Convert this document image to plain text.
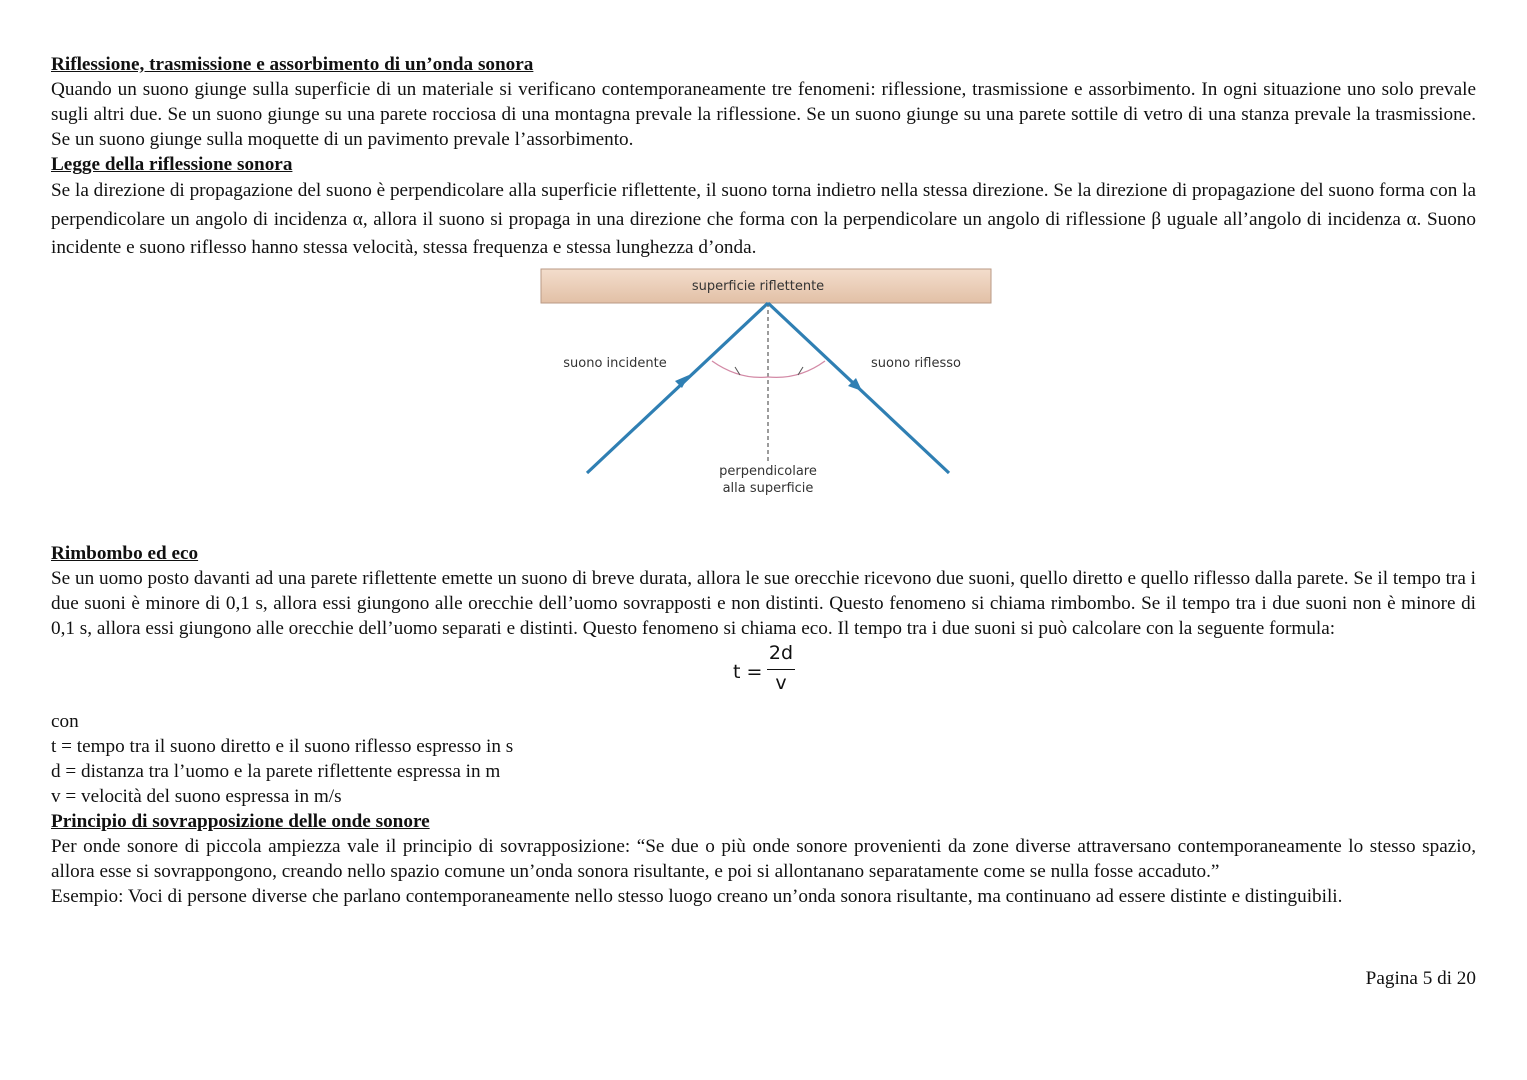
Riflessione, trasmissione e assorbimento di un’onda sonora

Quando un suono giunge sulla superficie di un materiale si verificano contemporaneamente tre fenomeni: riflessione, trasmissione e assorbimento. In ogni situazione uno solo prevale sugli altri due. Se un suono giunge su una parete rocciosa di una montagna prevale la riflessione. Se un suono giunge su una parete sottile di vetro di una stanza prevale la trasmissione. Se un suono giunge sulla moquette di un pavimento prevale l’assorbimento.

Legge della riflessione sonora

Se la direzione di propagazione del suono è perpendicolare alla superficie riflettente, il suono torna indietro nella stessa direzione. Se la direzione di propagazione del suono forma con la perpendicolare un angolo di incidenza α, allora il suono si propaga in una direzione che forma con la perpendicolare un angolo di riflessione β uguale all’angolo di incidenza α. Suono incidente e suono riflesso hanno stessa velocità, stessa frequenza e stessa lunghezza d’onda.

superficie riflettente
suono incidente	suono riflesso
perpendicolare
alla superficie
Rimbombo ed eco

Se un uomo posto davanti ad una parete riflettente emette un suono di breve durata, allora le sue orecchie ricevono due suoni, quello diretto e quello riflesso dalla parete. Se il tempo tra i due suoni è minore di 0,1 s, allora essi giungono alle orecchie dell’uomo sovrapposti e non distinti. Questo fenomeno si chiama rimbombo. Se il tempo tra i due suoni non è minore di 0,1 s, allora essi giungono alle orecchie dell’uomo separati e distinti. Questo fenomeno si chiama eco. Il tempo tra i due suoni si può calcolare con la seguente formula:

t =
2d
v
con
t = tempo tra il suono diretto e il suono riflesso espresso in s
d = distanza tra l’uomo e la parete riflettente espressa in m
v = velocità del suono espressa in m/s
Principio di sovrapposizione delle onde sonore

Per onde sonore di piccola ampiezza vale il principio di sovrapposizione: “Se due o più onde sonore provenienti da zone diverse attraversano contemporaneamente lo stesso spazio, allora esse si sovrappongono, creando nello spazio comune un’onda sonora risultante, e poi si allontanano separatamente come se nulla fosse accaduto.”

Esempio: Voci di persone diverse che parlano contemporaneamente nello stesso luogo creano un’onda sonora risultante, ma continuano ad essere distinte e distinguibili.

Pagina 5 di 20
